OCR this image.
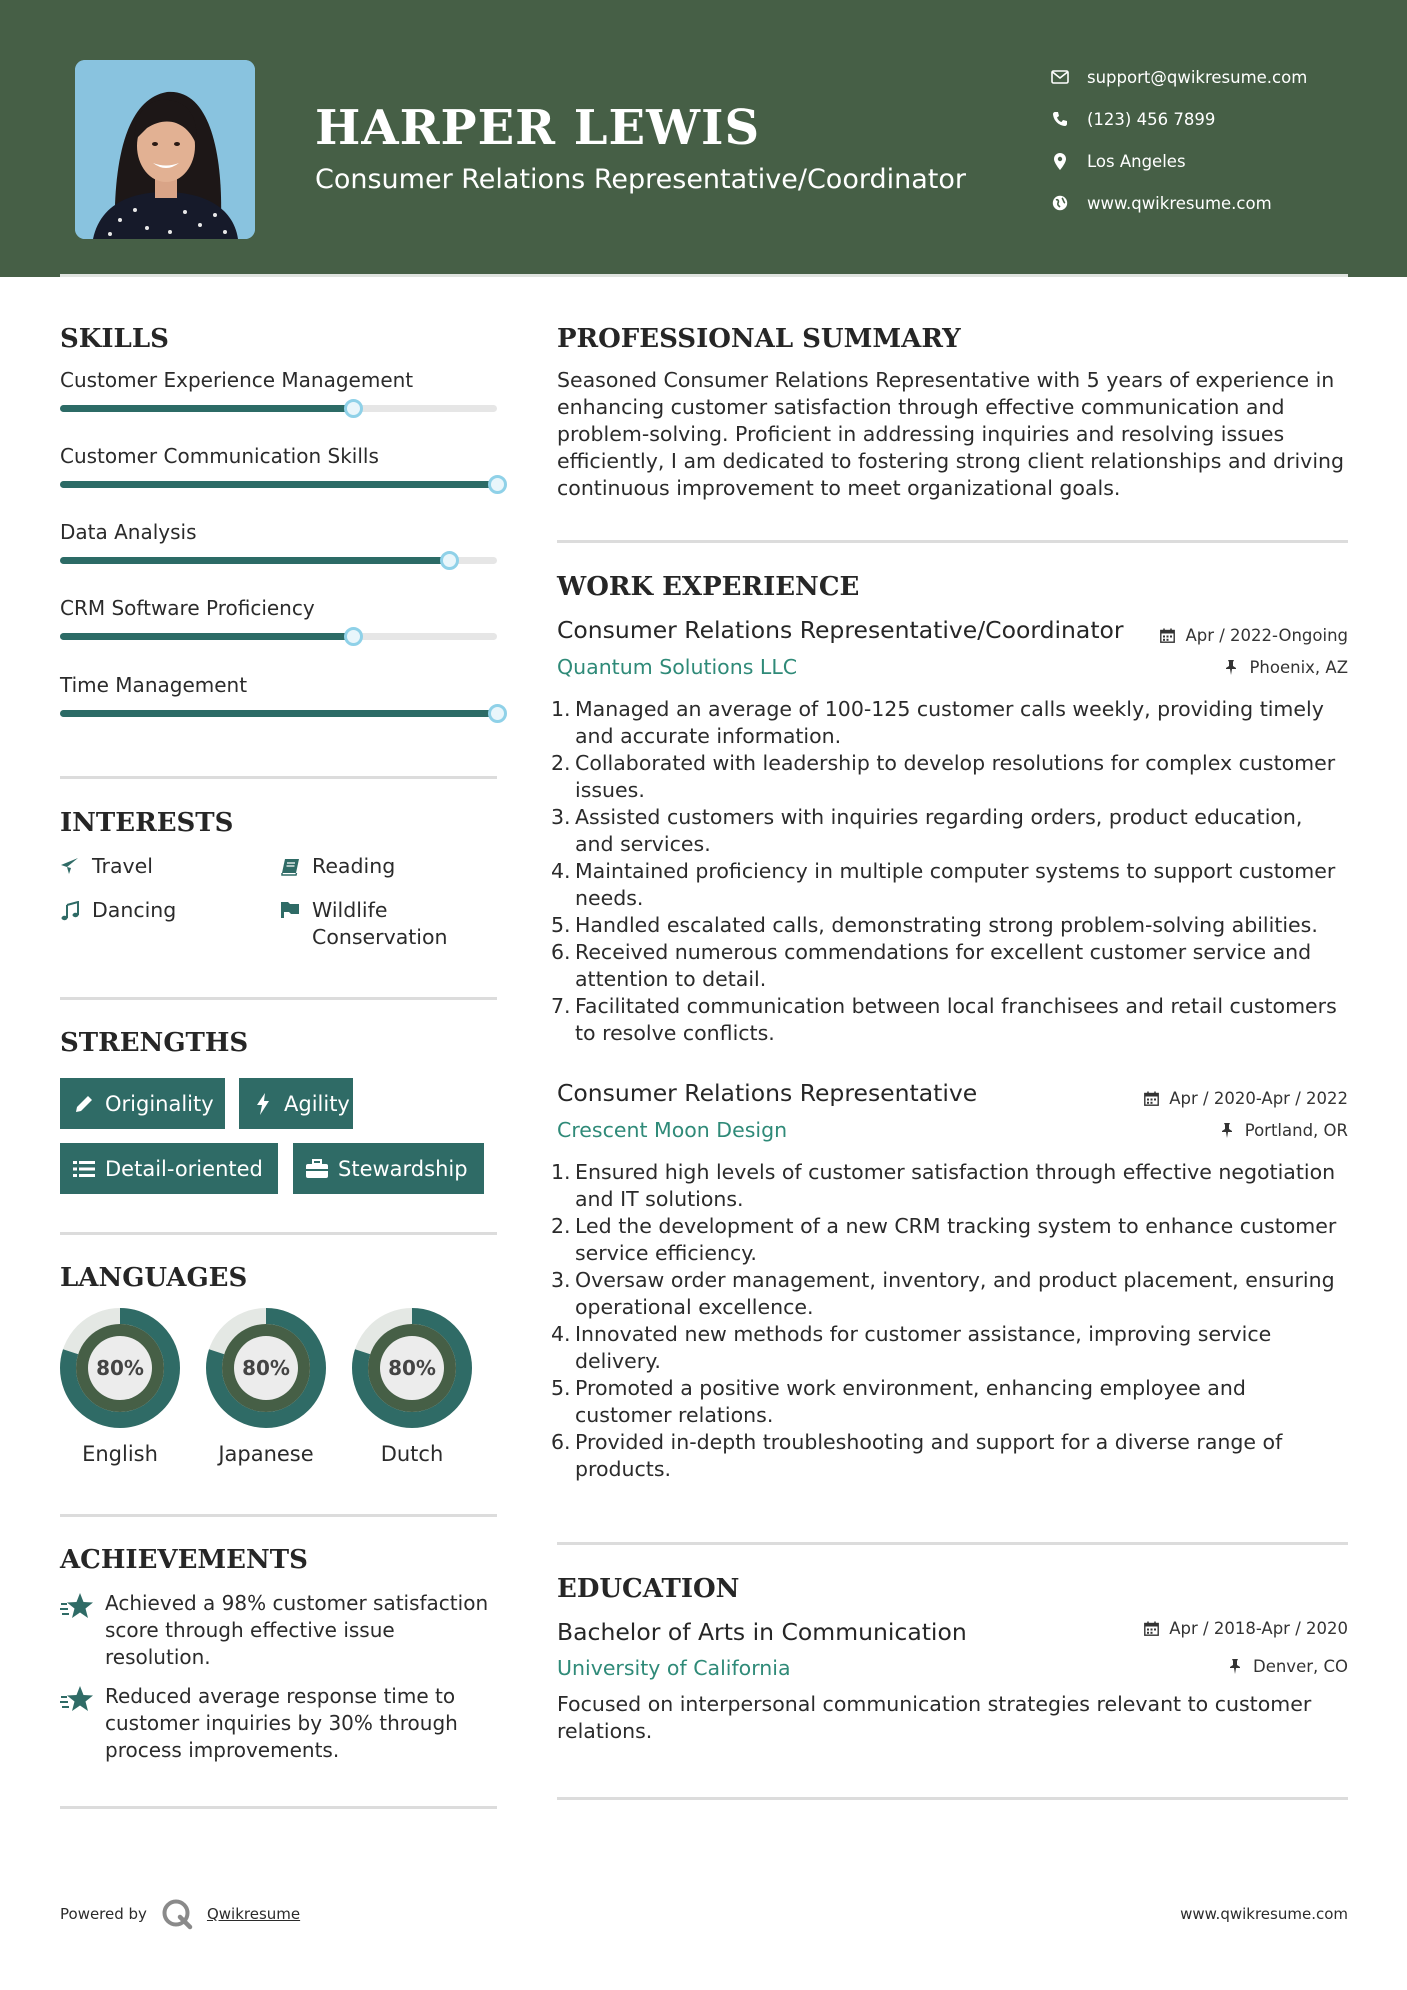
HARPER LEWIS
Consumer Relations Representative/Coordinator
support@qwikresume.com
(123) 456 7899
Los Angeles
www.qwikresume.com
SKILLS
Customer Experience Management
Customer Communication Skills
Data Analysis
CRM Software Proficiency
Time Management
INTERESTS
Travel	Reading
Dancing	Wildlife Conservation
STRENGTHS
Originality	Agility
Detail-oriented	Stewardship
LANGUAGES
80%
English
80%
Japanese
80%
Dutch
ACHIEVEMENTS
Achieved a 98% customer satisfaction score through effective issue resolution.
Reduced average response time to customer inquiries by 30% through process improvements.
PROFESSIONAL SUMMARY
Seasoned Consumer Relations Representative with 5 years of experience in enhancing customer satisfaction through effective communication and problem-solving. Proficient in addressing inquiries and resolving issues efficiently, I am dedicated to fostering strong client relationships and driving continuous improvement to meet organizational goals.
WORK EXPERIENCE
Consumer Relations Representative/Coordinator	Apr / 2022-Ongoing
Quantum Solutions LLC	Phoenix, AZ
1. Managed an average of 100-125 customer calls weekly, providing timely and accurate information.
2. Collaborated with leadership to develop resolutions for complex customer issues.
3. Assisted customers with inquiries regarding orders, product education, and services.
4. Maintained proficiency in multiple computer systems to support customer needs.
5. Handled escalated calls, demonstrating strong problem-solving abilities.
6. Received numerous commendations for excellent customer service and attention to detail.
7. Facilitated communication between local franchisees and retail customers to resolve conflicts.
Consumer Relations Representative	Apr / 2020-Apr / 2022
Crescent Moon Design	Portland, OR
1. Ensured high levels of customer satisfaction through effective negotiation and IT solutions.
2. Led the development of a new CRM tracking system to enhance customer service efficiency.
3. Oversaw order management, inventory, and product placement, ensuring operational excellence.
4. Innovated new methods for customer assistance, improving service delivery.
5. Promoted a positive work environment, enhancing employee and customer relations.
6. Provided in-depth troubleshooting and support for a diverse range of products.
EDUCATION
Bachelor of Arts in Communication	Apr / 2018-Apr / 2020
University of California	Denver, CO
Focused on interpersonal communication strategies relevant to customer relations.
Powered by	Qwikresume	www.qwikresume.com
